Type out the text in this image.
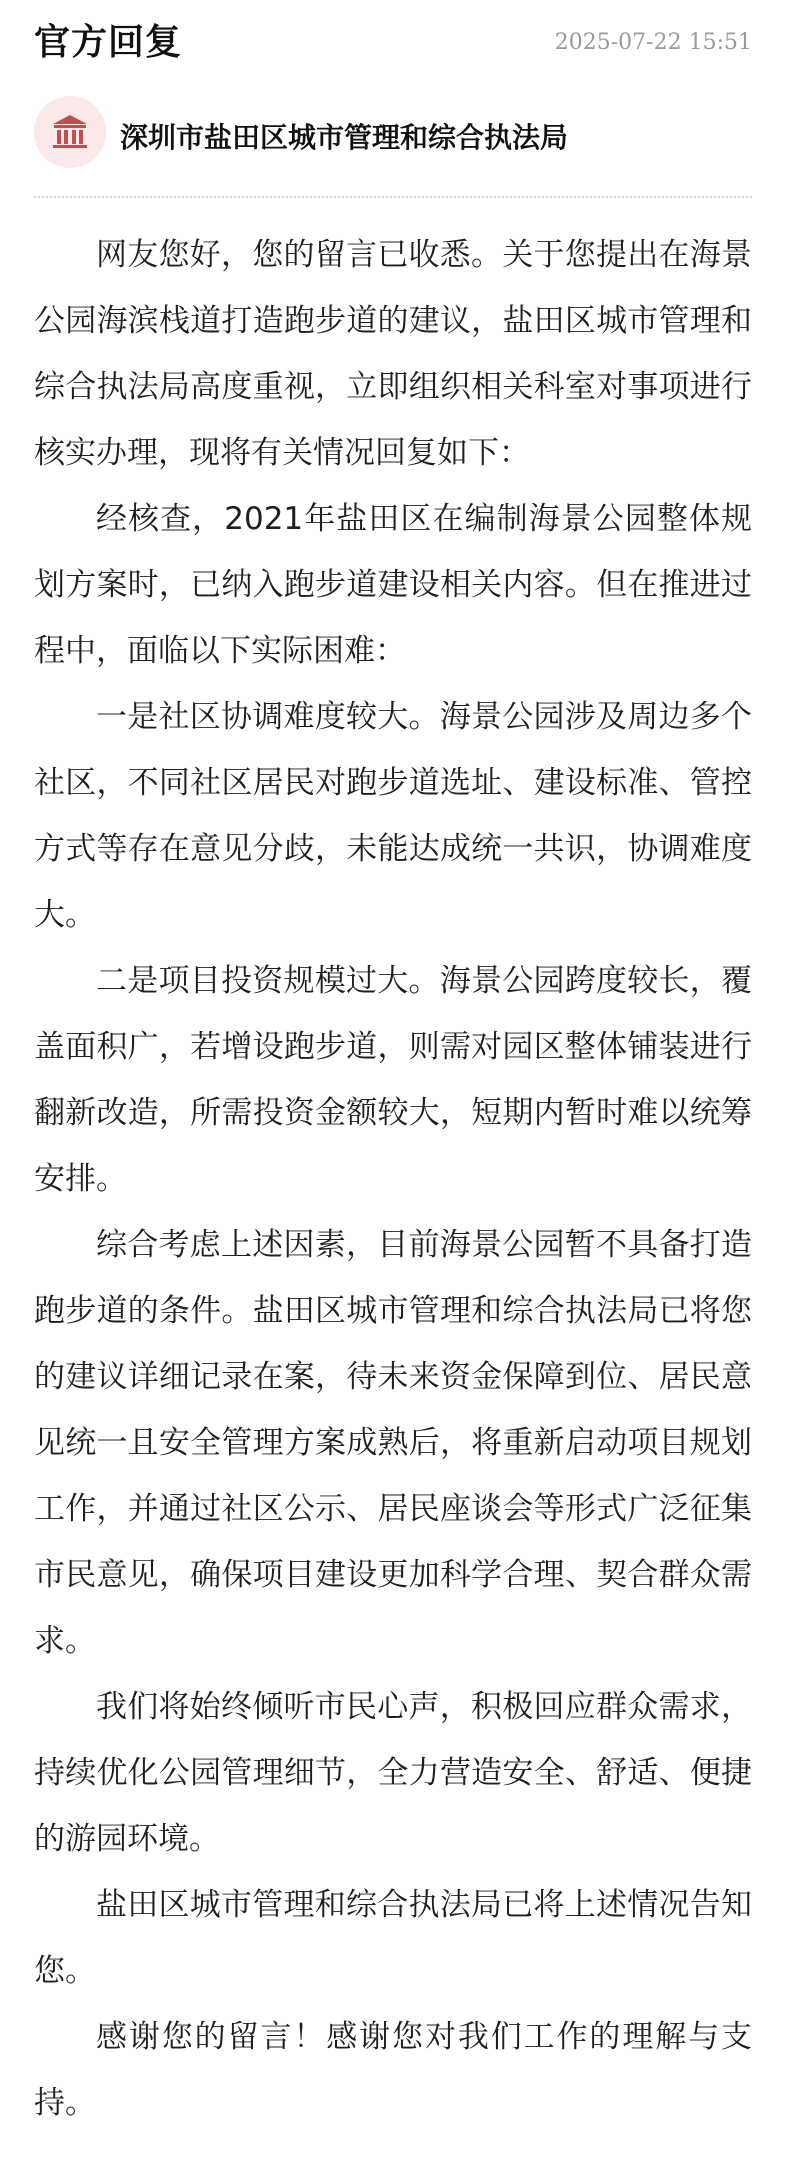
官方回复	2025-07-22 15:51
深圳市盐田区城市管理和综合执法局

网友您好，您的留言已收悉。关于您提出在海景公园海滨栈道打造跑步道的建议，盐田区城市管理和综合执法局高度重视，立即组织相关科室对事项进行核实办理，现将有关情况回复如下：

经核查，2021年盐田区在编制海景公园整体规划方案时，已纳入跑步道建设相关内容。但在推进过程中，面临以下实际困难：

一是社区协调难度较大。海景公园涉及周边多个社区，不同社区居民对跑步道选址、建设标准、管控方式等存在意见分歧，未能达成统一共识，协调难度大。

二是项目投资规模过大。海景公园跨度较长，覆盖面积广，若增设跑步道，则需对园区整体铺装进行翻新改造，所需投资金额较大，短期内暂时难以统筹安排。

综合考虑上述因素，目前海景公园暂不具备打造跑步道的条件。盐田区城市管理和综合执法局已将您的建议详细记录在案，待未来资金保障到位、居民意见统一且安全管理方案成熟后，将重新启动项目规划工作，并通过社区公示、居民座谈会等形式广泛征集市民意见，确保项目建设更加科学合理、契合群众需求。

我们将始终倾听市民心声，积极回应群众需求，持续优化公园管理细节，全力营造安全、舒适、便捷的游园环境。

盐田区城市管理和综合执法局已将上述情况告知您。

感谢您的留言！感谢您对我们工作的理解与支持。
